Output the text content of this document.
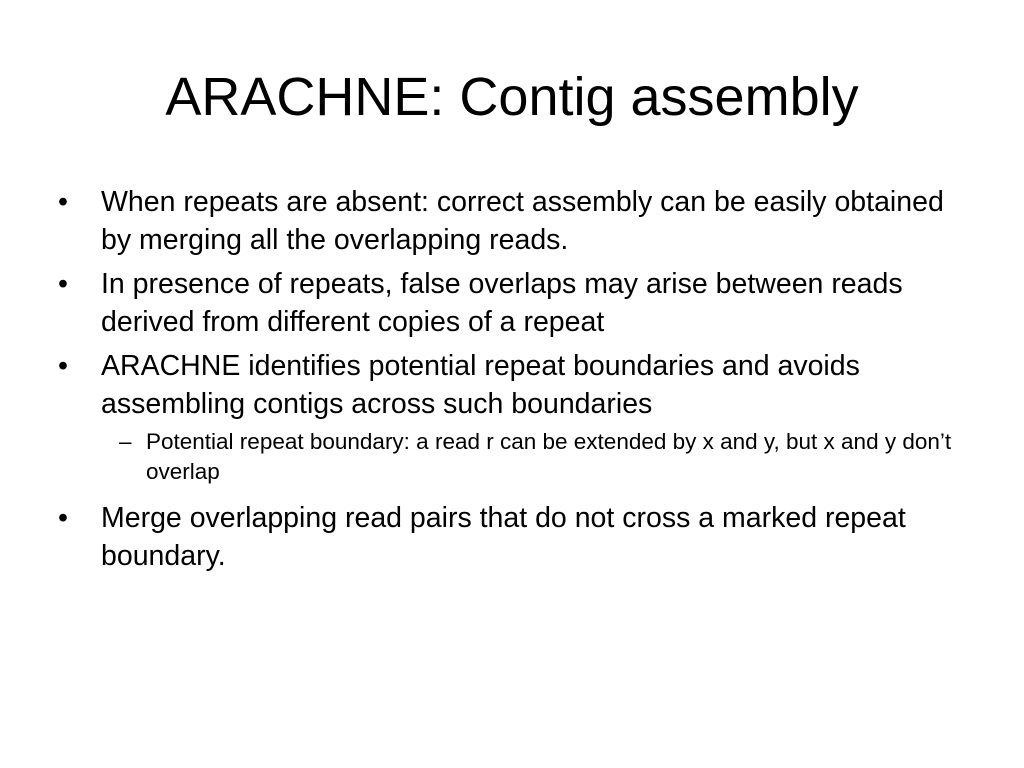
ARACHNE: Contig assembly
• When repeats are absent: correct assembly can be easily obtained by merging all the overlapping reads.
• In presence of repeats, false overlaps may arise between reads derived from different copies of a repeat
• ARACHNE identifies potential repeat boundaries and avoids assembling contigs across such boundaries
– Potential repeat boundary: a read r can be extended by x and y, but x and y don’t overlap
• Merge overlapping read pairs that do not cross a marked repeat boundary.
